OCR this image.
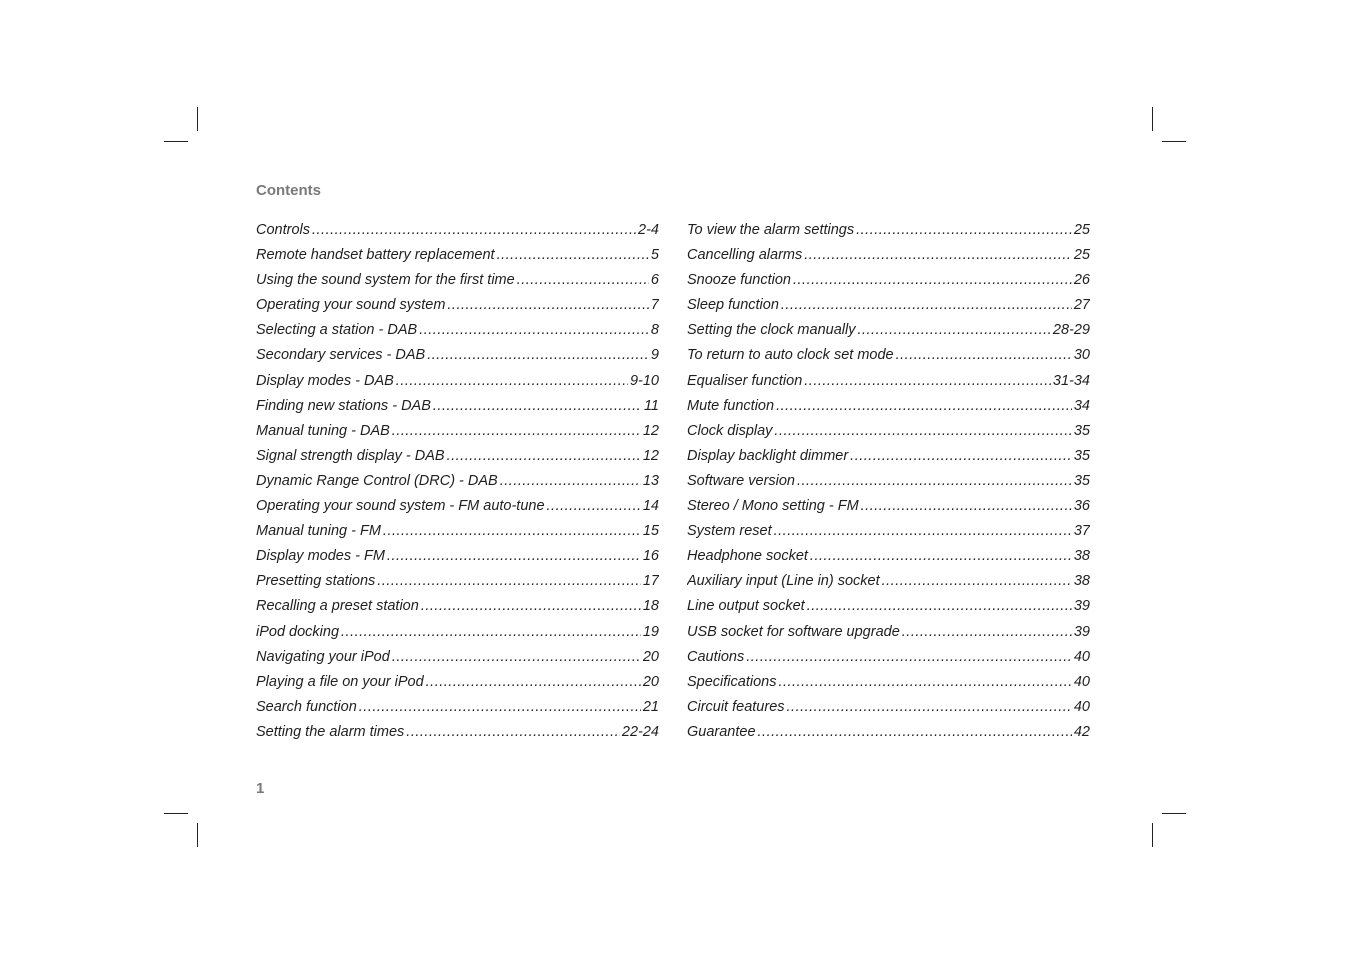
Contents
Controls .....	2-4
Remote handset battery replacement .....	5
Using the sound system for the first time .....	6
Operating your sound system .....	7
Selecting a station - DAB .....	8
Secondary services - DAB .....	9
Display modes - DAB .....	9-10
Finding new stations - DAB .....	11
Manual tuning - DAB .....	12
Signal strength display - DAB .....	12
Dynamic Range Control (DRC) - DAB .....	13
Operating your sound system - FM auto-tune .....	14
Manual tuning - FM .....	15
Display modes - FM .....	16
Presetting stations .....	17
Recalling a preset station .....	18
iPod docking .....	19
Navigating your iPod .....	20
Playing a file on your iPod .....	20
Search function .....	21
Setting the alarm times .....	22-24
To view the alarm settings .....	25
Cancelling alarms .....	25
Snooze function .....	26
Sleep function .....	27
Setting the clock manually .....	28-29
To return to auto clock set mode .....	30
Equaliser function .....	31-34
Mute function .....	34
Clock display .....	35
Display backlight dimmer .....	35
Software version .....	35
Stereo / Mono setting - FM .....	36
System reset .....	37
Headphone socket .....	38
Auxiliary input (Line in) socket .....	38
Line output socket .....	39
USB socket for software upgrade .....	39
Cautions .....	40
Specifications .....	40
Circuit features .....	40
Guarantee .....	42
1
